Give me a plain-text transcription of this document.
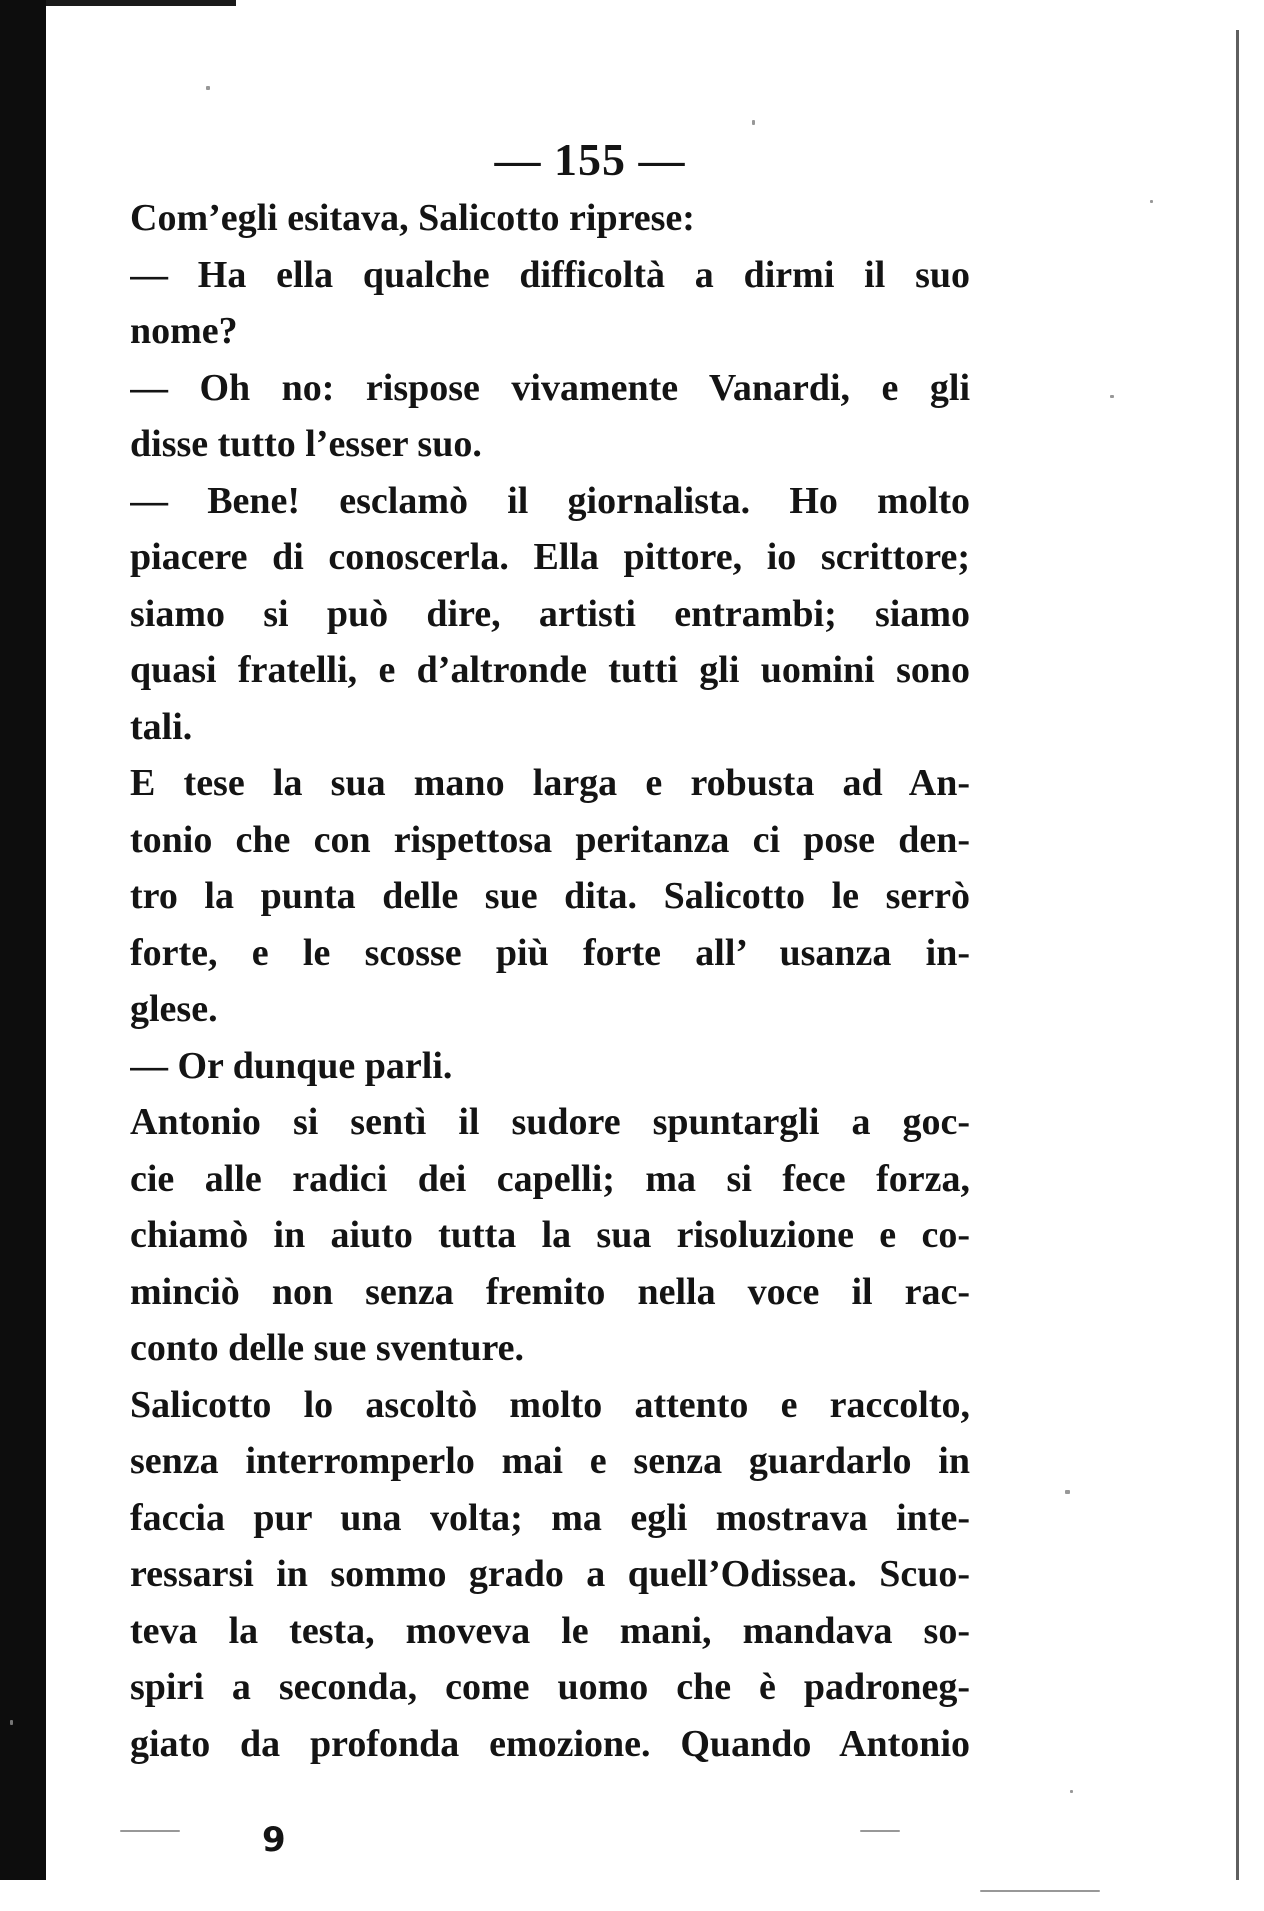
— 155 —
Com’egli esitava, Salicotto riprese:
— Ha ella qualche difficoltà a dirmi il suo
nome?
— Oh no: rispose vivamente Vanardi, e gli
disse tutto l’esser suo.
— Bene! esclamò il giornalista. Ho molto
piacere di conoscerla. Ella pittore, io scrittore;
siamo si può dire, artisti entrambi; siamo
quasi fratelli, e d’altronde tutti gli uomini sono
tali.
E tese la sua mano larga e robusta ad An-
tonio che con rispettosa peritanza ci pose den-
tro la punta delle sue dita. Salicotto le serrò
forte, e le scosse più forte all’ usanza in-
glese.
— Or dunque parli.
Antonio si sentì il sudore spuntargli a goc-
cie alle radici dei capelli; ma si fece forza,
chiamò in aiuto tutta la sua risoluzione e co-
minciò non senza fremito nella voce il rac-
conto delle sue sventure.
Salicotto lo ascoltò molto attento e raccolto,
senza interromperlo mai e senza guardarlo in
faccia pur una volta; ma egli mostrava inte-
ressarsi in sommo grado a quell’Odissea. Scuo-
teva la testa, moveva le mani, mandava so-
spiri a seconda, come uomo che è padroneg-
giato da profonda emozione. Quando Antonio
9
